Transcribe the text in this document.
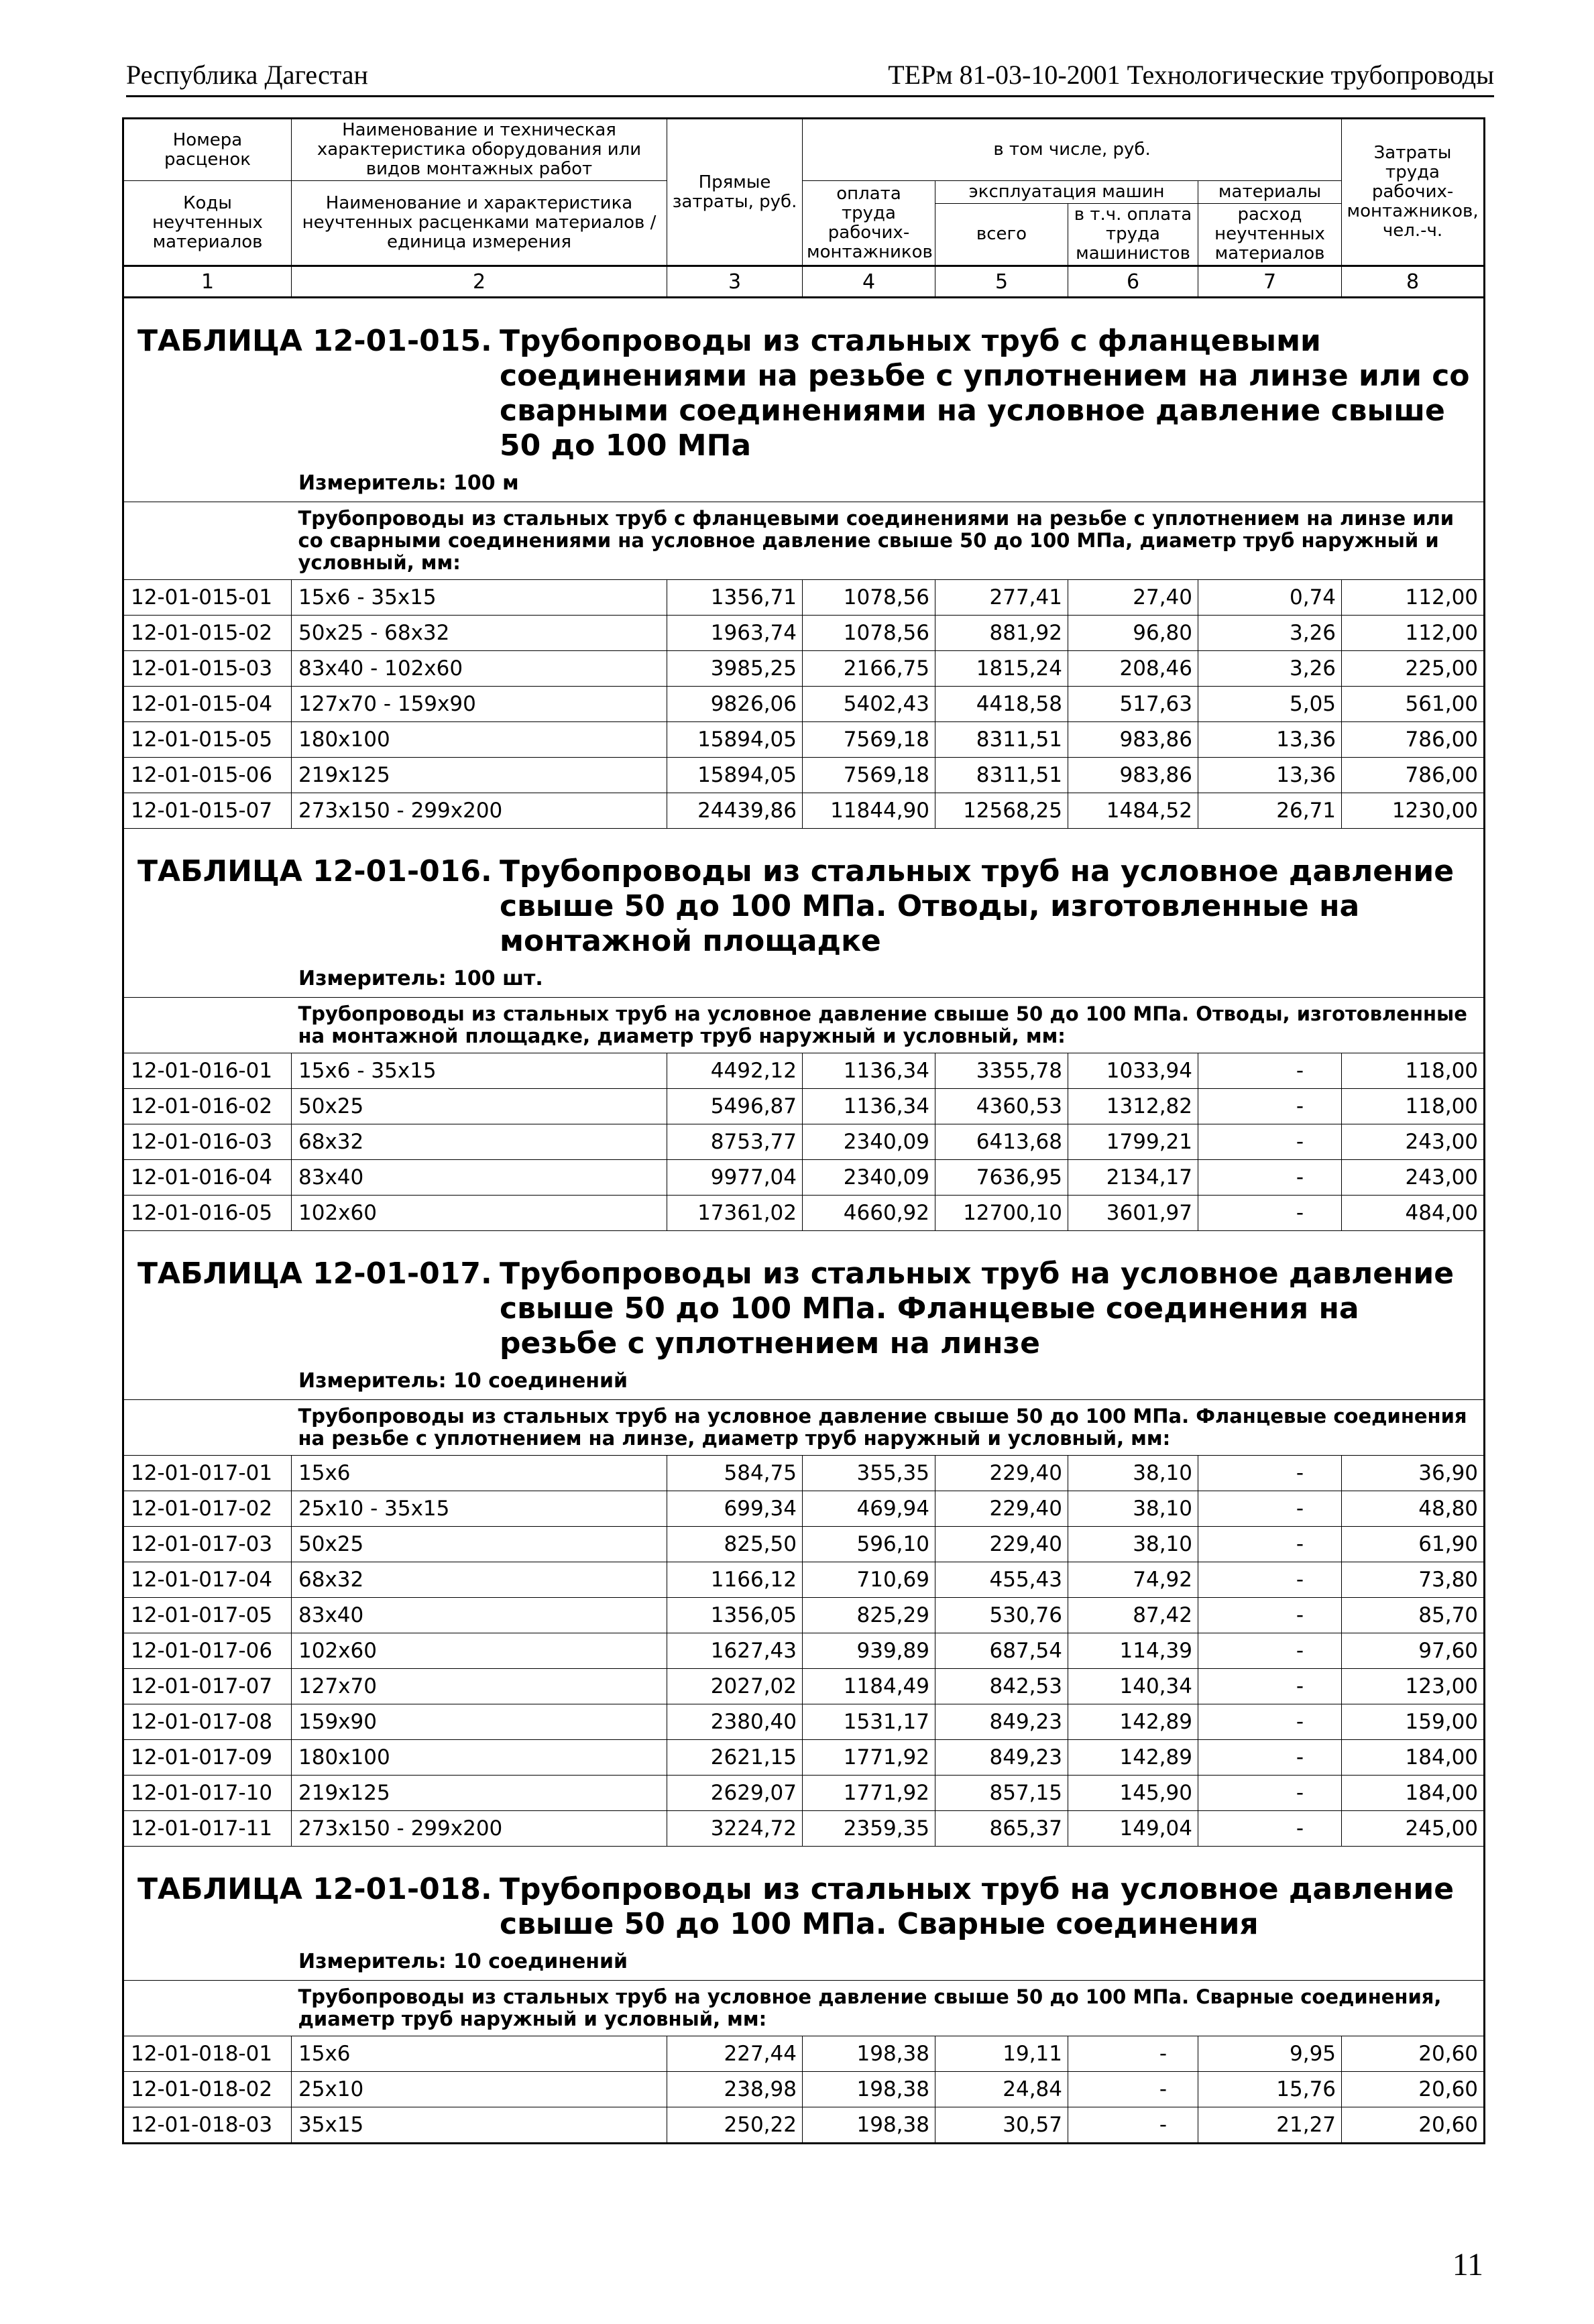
Республика Дагестан	ТЕРм 81-03-10-2001 Технологические трубопроводы
Номера расценок	Наименование и техническая характеристика оборудования или видов монтажных работ	Прямые затраты, руб.	в том числе, руб.				Затраты труда рабочих-монтажников, чел.-ч.
Коды неучтенных материалов	Наименование и характеристика неучтенных расценками материалов / единица измерения		оплата труда рабочих-монтажников	эксплуатация машин		материалы	
				всего	в т.ч. оплата труда машинистов	расход неучтенных материалов	
1	2	3	4	5	6	7	8

ТАБЛИЦА 12-01-015. Трубопроводы из стальных труб с фланцевыми соединениями на резьбе с уплотнением на линзе или со сварными соединениями на условное давление свыше 50 до 100 МПа							

Измеритель: 100 м							
	Трубопроводы из стальных труб с фланцевыми соединениями на резьбе с уплотнением на линзе или со сварными соединениями на условное давление свыше 50 до 100 МПа, диаметр труб наружный и условный, мм:						
12-01-015-01	15х6 - 35х15	1356,71	1078,56	277,41	27,40	0,74	112,00
12-01-015-02	50х25 - 68х32	1963,74	1078,56	881,92	96,80	3,26	112,00
12-01-015-03	83х40 - 102х60	3985,25	2166,75	1815,24	208,46	3,26	225,00
12-01-015-04	127х70 - 159х90	9826,06	5402,43	4418,58	517,63	5,05	561,00
12-01-015-05	180х100	15894,05	7569,18	8311,51	983,86	13,36	786,00
12-01-015-06	219х125	15894,05	7569,18	8311,51	983,86	13,36	786,00
12-01-015-07	273х150 - 299х200	24439,86	11844,90	12568,25	1484,52	26,71	1230,00

ТАБЛИЦА 12-01-016. Трубопроводы из стальных труб на условное давление свыше 50 до 100 МПа. Отводы, изготовленные на монтажной площадке							

Измеритель: 100 шт.							
	Трубопроводы из стальных труб на условное давление свыше 50 до 100 МПа. Отводы, изготовленные на монтажной площадке, диаметр труб наружный и условный, мм:						
12-01-016-01	15х6 - 35х15	4492,12	1136,34	3355,78	1033,94	-	118,00
12-01-016-02	50х25	5496,87	1136,34	4360,53	1312,82	-	118,00
12-01-016-03	68х32	8753,77	2340,09	6413,68	1799,21	-	243,00
12-01-016-04	83х40	9977,04	2340,09	7636,95	2134,17	-	243,00
12-01-016-05	102х60	17361,02	4660,92	12700,10	3601,97	-	484,00

ТАБЛИЦА 12-01-017. Трубопроводы из стальных труб на условное давление свыше 50 до 100 МПа. Фланцевые соединения на резьбе с уплотнением на линзе							

Измеритель: 10 соединений							
	Трубопроводы из стальных труб на условное давление свыше 50 до 100 МПа. Фланцевые соединения на резьбе с уплотнением на линзе, диаметр труб наружный и условный, мм:						
12-01-017-01	15х6	584,75	355,35	229,40	38,10	-	36,90
12-01-017-02	25х10 - 35х15	699,34	469,94	229,40	38,10	-	48,80
12-01-017-03	50х25	825,50	596,10	229,40	38,10	-	61,90
12-01-017-04	68х32	1166,12	710,69	455,43	74,92	-	73,80
12-01-017-05	83х40	1356,05	825,29	530,76	87,42	-	85,70
12-01-017-06	102х60	1627,43	939,89	687,54	114,39	-	97,60
12-01-017-07	127х70	2027,02	1184,49	842,53	140,34	-	123,00
12-01-017-08	159х90	2380,40	1531,17	849,23	142,89	-	159,00
12-01-017-09	180х100	2621,15	1771,92	849,23	142,89	-	184,00
12-01-017-10	219х125	2629,07	1771,92	857,15	145,90	-	184,00
12-01-017-11	273х150 - 299х200	3224,72	2359,35	865,37	149,04	-	245,00

ТАБЛИЦА 12-01-018. Трубопроводы из стальных труб на условное давление свыше 50 до 100 МПа. Сварные соединения							

Измеритель: 10 соединений							
	Трубопроводы из стальных труб на условное давление свыше 50 до 100 МПа. Сварные соединения, диаметр труб наружный и условный, мм:						
12-01-018-01	15х6	227,44	198,38	19,11	-	9,95	20,60
12-01-018-02	25х10	238,98	198,38	24,84	-	15,76	20,60
12-01-018-03	35х15	250,22	198,38	30,57	-	21,27	20,60
11
